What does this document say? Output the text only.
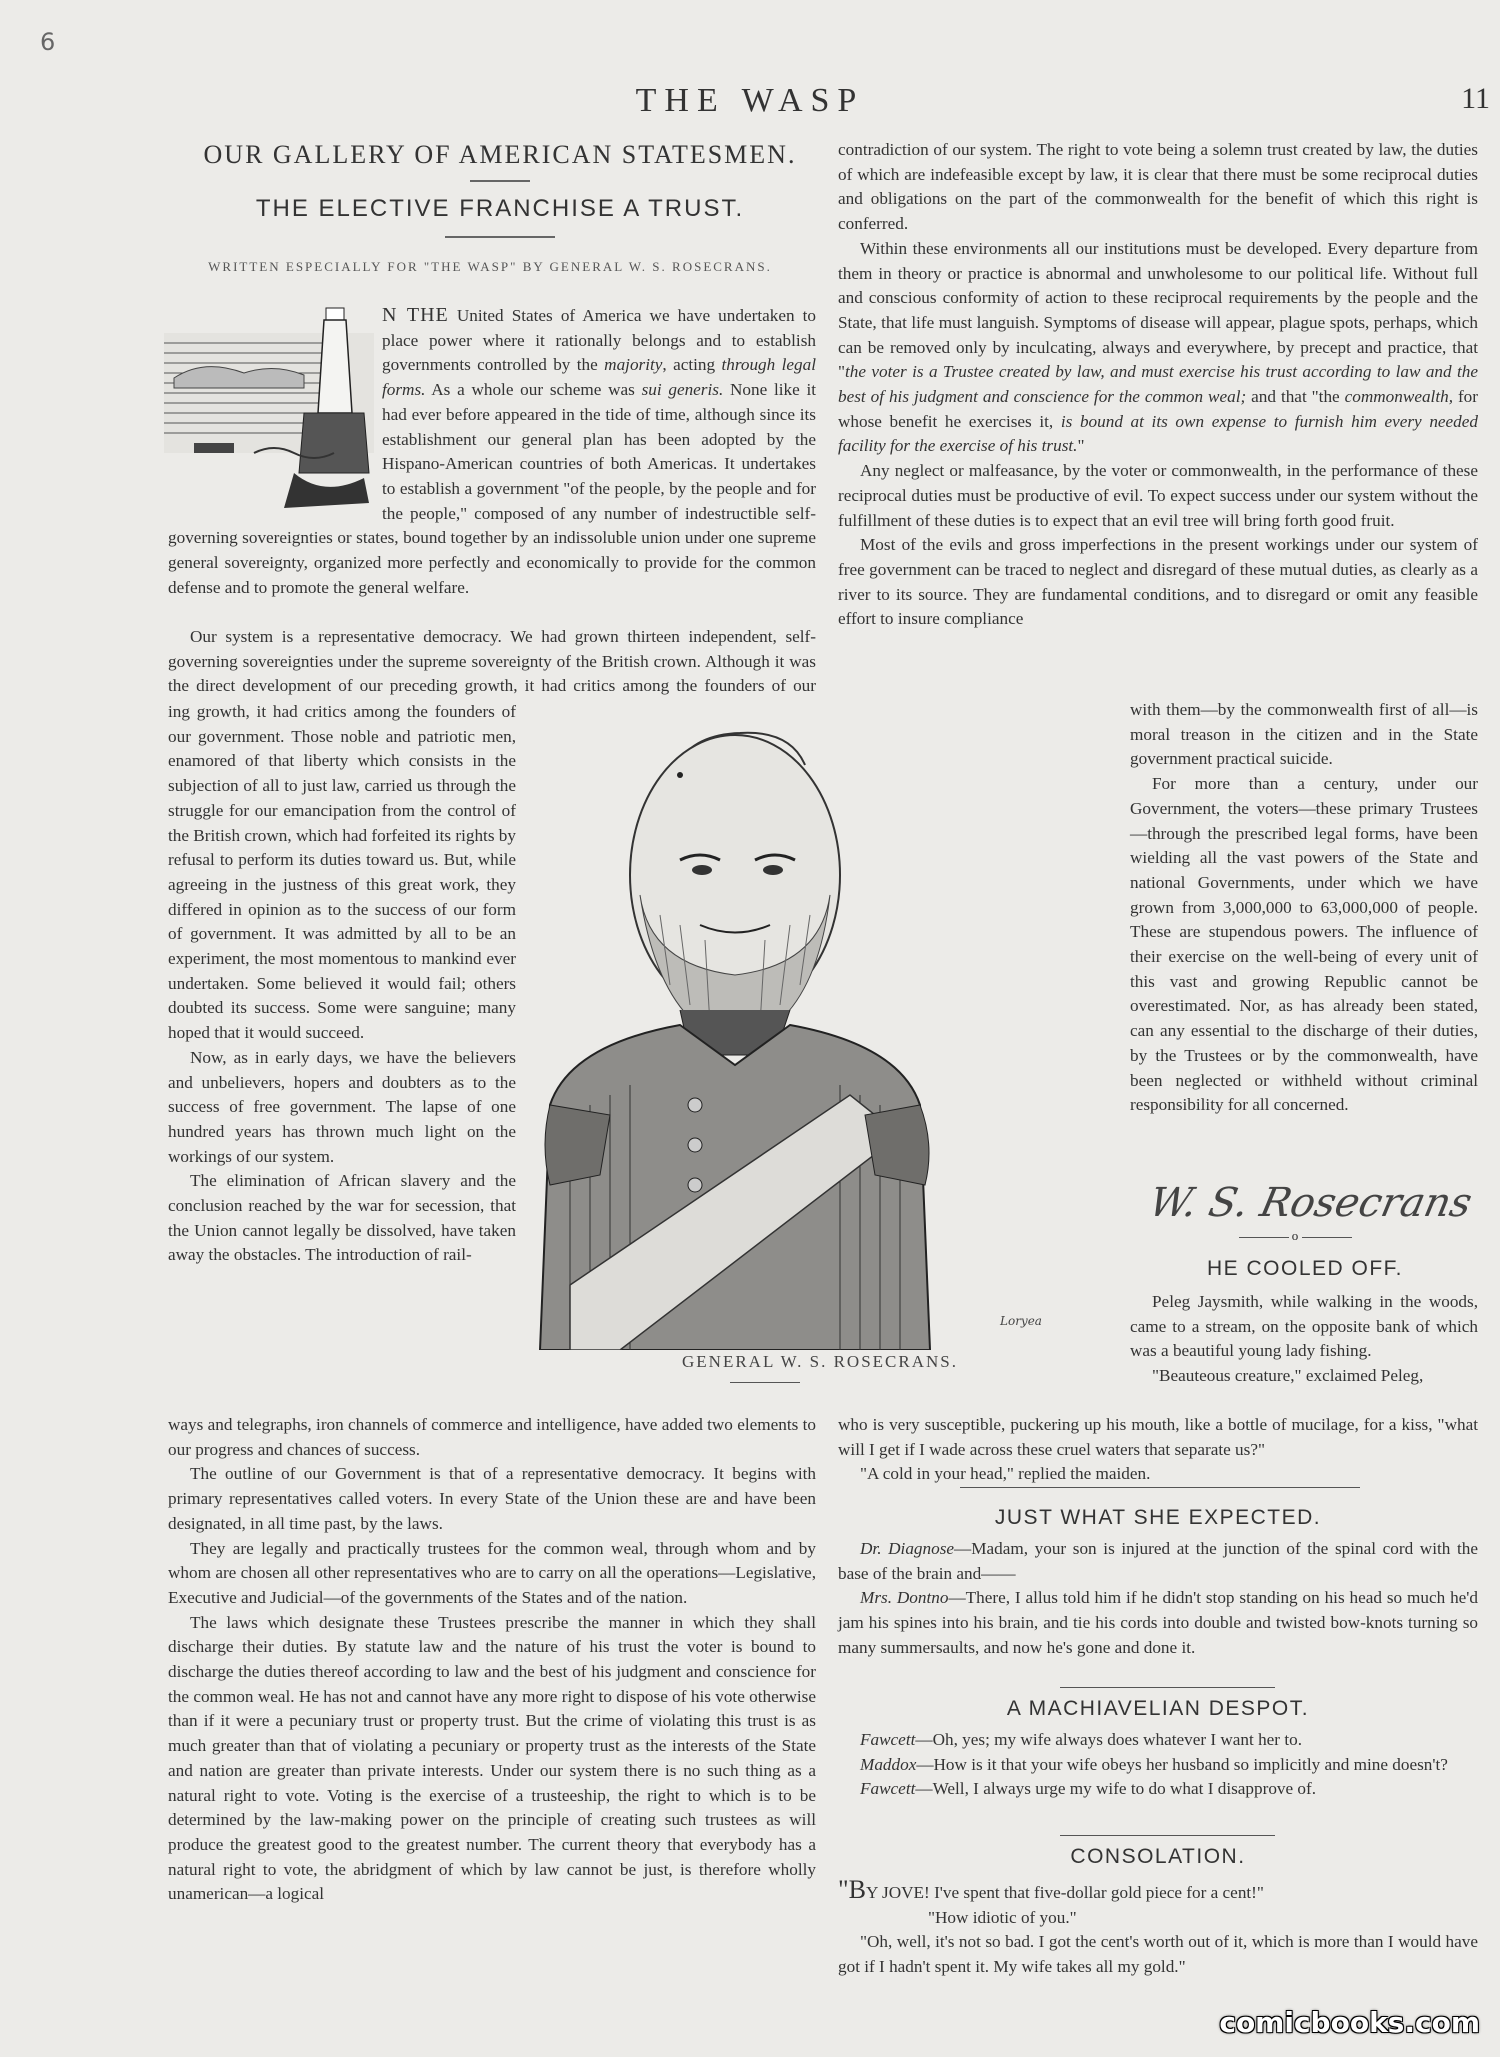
6
THE WASP	11
OUR GALLERY OF AMERICAN STATESMEN.
THE ELECTIVE FRANCHISE A TRUST.
WRITTEN ESPECIALLY FOR "THE WASP" BY GENERAL W. S. ROSECRANS.

N THE United States of America we have undertaken to place power where it rationally belongs and to establish governments controlled by the majority, acting through legal forms. As a whole our scheme was sui generis. None like it had ever before appeared in the tide of time, although since its establishment our general plan has been adopted by the Hispano-American countries of both Americas. It undertakes to establish a government "of the people, by the people and for the people," composed of any number of indestructible self-governing sovereignties or states, bound together by an indissoluble union under one supreme general sovereignty, organized more perfectly and economically to provide for the common defense and to promote the general welfare.

Our system is a representative democracy. We had grown thirteen independent, self-governing sovereignties under the supreme sovereignty of the British crown. Although it was the direct development of our preceding growth, it had critics among the founders of our

ing growth, it had critics among the founders of our government. Those noble and patriotic men, enamored of that liberty which consists in the subjection of all to just law, carried us through the struggle for our emancipation from the control of the British crown, which had forfeited its rights by refusal to perform its duties toward us. But, while agreeing in the justness of this great work, they differed in opinion as to the success of our form of government. It was admitted by all to be an experiment, the most momentous to mankind ever undertaken. Some believed it would fail; others doubted its success. Some were sanguine; many hoped that it would succeed.

Now, as in early days, we have the believers and unbelievers, hopers and doubters as to the success of free government. The lapse of one hundred years has thrown much light on the workings of our system.

The elimination of African slavery and the conclusion reached by the war for secession, that the Union cannot legally be dissolved, have taken away the obstacles. The introduction of rail-

ways and telegraphs, iron channels of commerce and intelligence, have added two elements to our progress and chances of success.

The outline of our Government is that of a representative democracy. It begins with primary representatives called voters. In every State of the Union these are and have been designated, in all time past, by the laws.

They are legally and practically trustees for the common weal, through whom and by whom are chosen all other representatives who are to carry on all the operations—Legislative, Executive and Judicial—of the governments of the States and of the nation.

The laws which designate these Trustees prescribe the manner in which they shall discharge their duties. By statute law and the nature of his trust the voter is bound to discharge the duties thereof according to law and the best of his judgment and conscience for the common weal. He has not and cannot have any more right to dispose of his vote otherwise than if it were a pecuniary trust or property trust. But the crime of violating this trust is as much greater than that of violating a pecuniary or property trust as the interests of the State and nation are greater than private interests. Under our system there is no such thing as a natural right to vote. Voting is the exercise of a trusteeship, the right to which is to be determined by the law-making power on the principle of creating such trustees as will produce the greatest good to the greatest number. The current theory that everybody has a natural right to vote, the abridgment of which by law cannot be just, is therefore wholly unamerican—a logical

contradiction of our system. The right to vote being a solemn trust created by law, the duties of which are indefeasible except by law, it is clear that there must be some reciprocal duties and obligations on the part of the commonwealth for the benefit of which this right is conferred.

Within these environments all our institutions must be developed. Every departure from them in theory or practice is abnormal and unwholesome to our political life. Without full and conscious conformity of action to these reciprocal requirements by the people and the State, that life must languish. Symptoms of disease will appear, plague spots, perhaps, which can be removed only by inculcating, always and everywhere, by precept and practice, that "the voter is a Trustee created by law, and must exercise his trust according to law and the best of his judgment and conscience for the common weal; and that "the commonwealth, for whose benefit he exercises it, is bound at its own expense to furnish him every needed facility for the exercise of his trust."

Any neglect or malfeasance, by the voter or commonwealth, in the performance of these reciprocal duties must be productive of evil. To expect success under our system without the fulfillment of these duties is to expect that an evil tree will bring forth good fruit.

Most of the evils and gross imperfections in the present workings under our system of free government can be traced to neglect and disregard of these mutual duties, as clearly as a river to its source. They are fundamental conditions, and to disregard or omit any feasible effort to insure compliance

with them—by the commonwealth first of all—is moral treason in the citizen and in the State government practical suicide.

For more than a century, under our Government, the voters—these primary Trustees—through the prescribed legal forms, have been wielding all the vast powers of the State and national Governments, under which we have grown from 3,000,000 to 63,000,000 of people. These are stupendous powers. The influence of their exercise on the well-being of every unit of this vast and growing Republic cannot be overestimated. Nor, as has already been stated, can any essential to the discharge of their duties, by the Trustees or by the commonwealth, have been neglected or withheld without criminal responsibility for all concerned.

W. S. Rosecrans
Loryea
GENERAL W. S. ROSECRANS.
o
HE COOLED OFF.

Peleg Jaysmith, while walking in the woods, came to a stream, on the opposite bank of which was a beautiful young lady fishing.

"Beauteous creature," exclaimed Peleg,

who is very susceptible, puckering up his mouth, like a bottle of mucilage, for a kiss, "what will I get if I wade across these cruel waters that separate us?"

"A cold in your head," replied the maiden.

JUST WHAT SHE EXPECTED.

Dr. Diagnose—Madam, your son is injured at the junction of the spinal cord with the base of the brain and——

Mrs. Dontno—There, I allus told him if he didn't stop standing on his head so much he'd jam his spines into his brain, and tie his cords into double and twisted bow-knots turning so many summersaults, and now he's gone and done it.

A MACHIAVELIAN DESPOT.

Fawcett—Oh, yes; my wife always does whatever I want her to.

Maddox—How is it that your wife obeys her husband so implicitly and mine doesn't?

Fawcett—Well, I always urge my wife to do what I disapprove of.

CONSOLATION.

"BY JOVE! I've spent that five-dollar gold piece for a cent!"

"How idiotic of you."

"Oh, well, it's not so bad. I got the cent's worth out of it, which is more than I would have got if I hadn't spent it. My wife takes all my gold."

comicbooks.com
